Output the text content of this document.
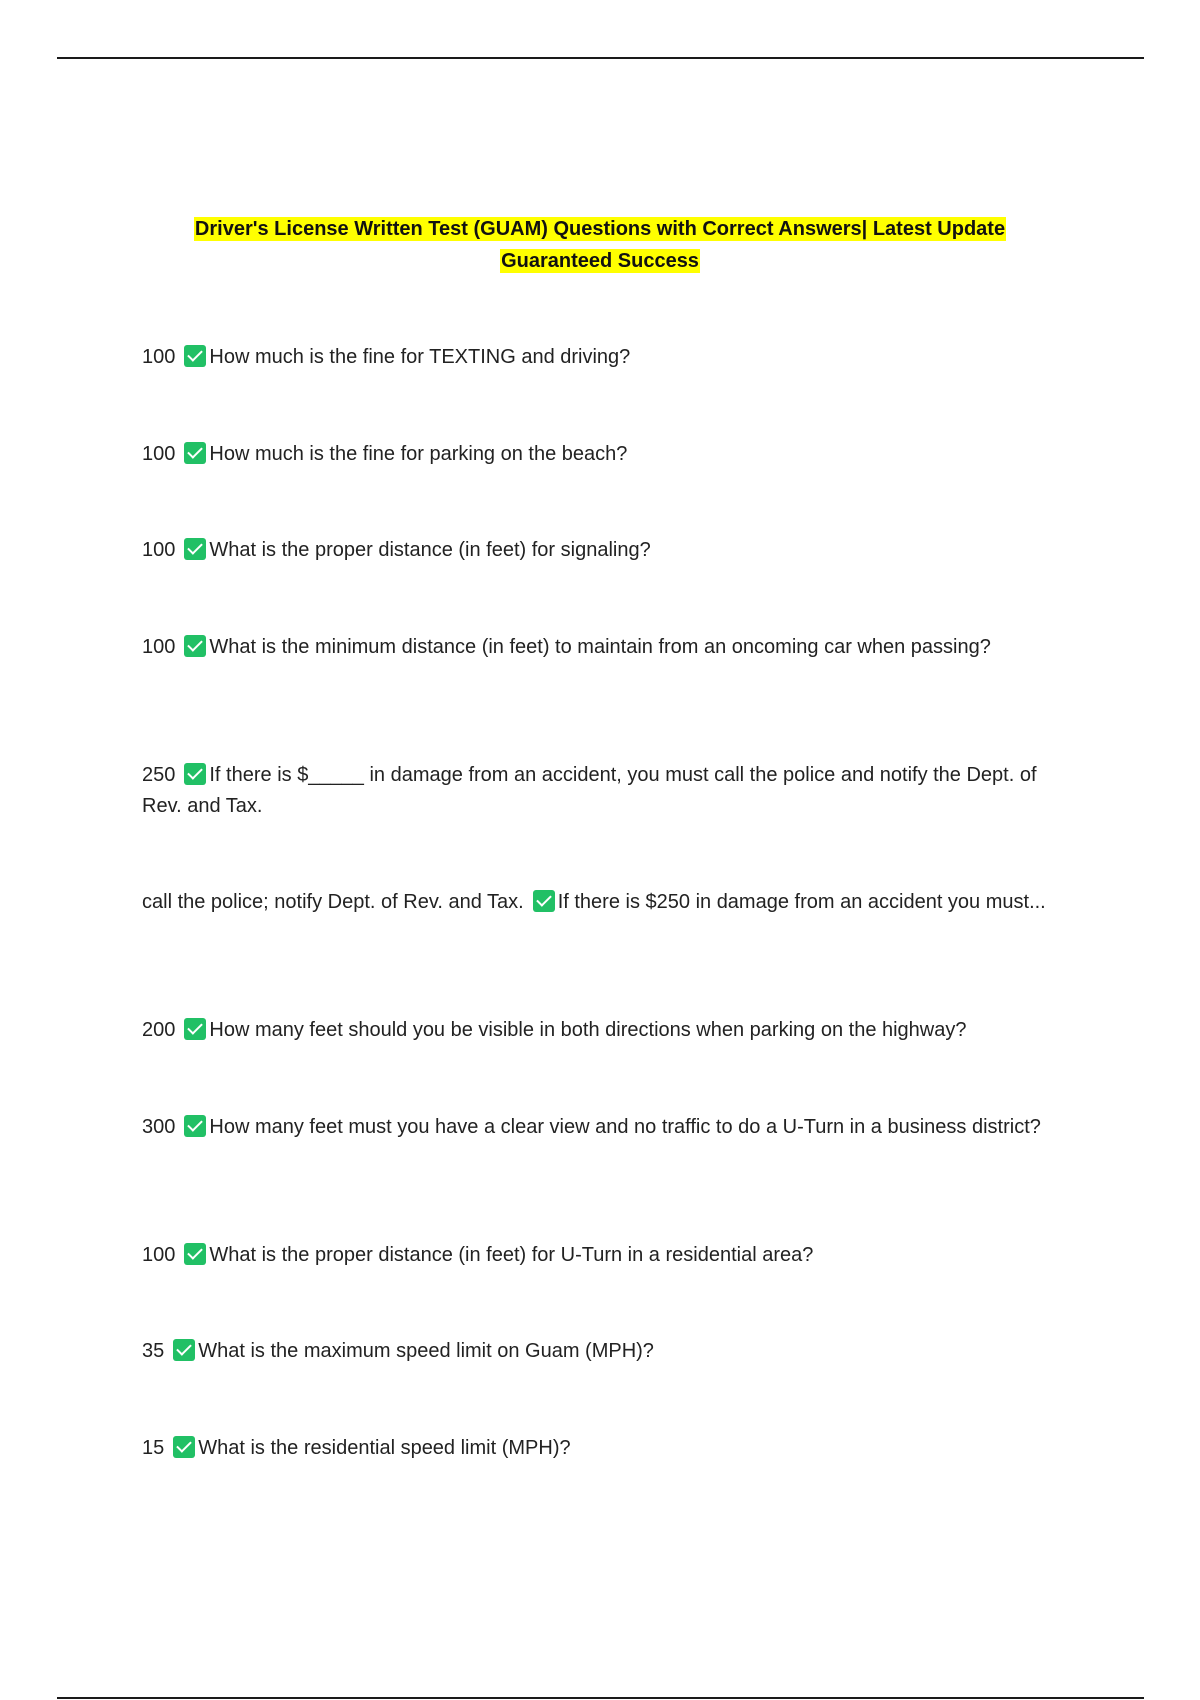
Driver's License Written Test (GUAM) Questions with Correct Answers| Latest Update
Guaranteed Success
100 How much is the fine for TEXTING and driving?
100 How much is the fine for parking on the beach?
100 What is the proper distance (in feet) for signaling?
100 What is the minimum distance (in feet) to maintain from an oncoming car when passing?
250 If there is $_____ in damage from an accident, you must call the police and notify the Dept. of Rev. and Tax.
call the police; notify Dept. of Rev. and Tax. If there is $250 in damage from an accident you must...
200 How many feet should you be visible in both directions when parking on the highway?
300 How many feet must you have a clear view and no traffic to do a U-Turn in a business district?
100 What is the proper distance (in feet) for U-Turn in a residential area?
35 What is the maximum speed limit on Guam (MPH)?
15 What is the residential speed limit (MPH)?
